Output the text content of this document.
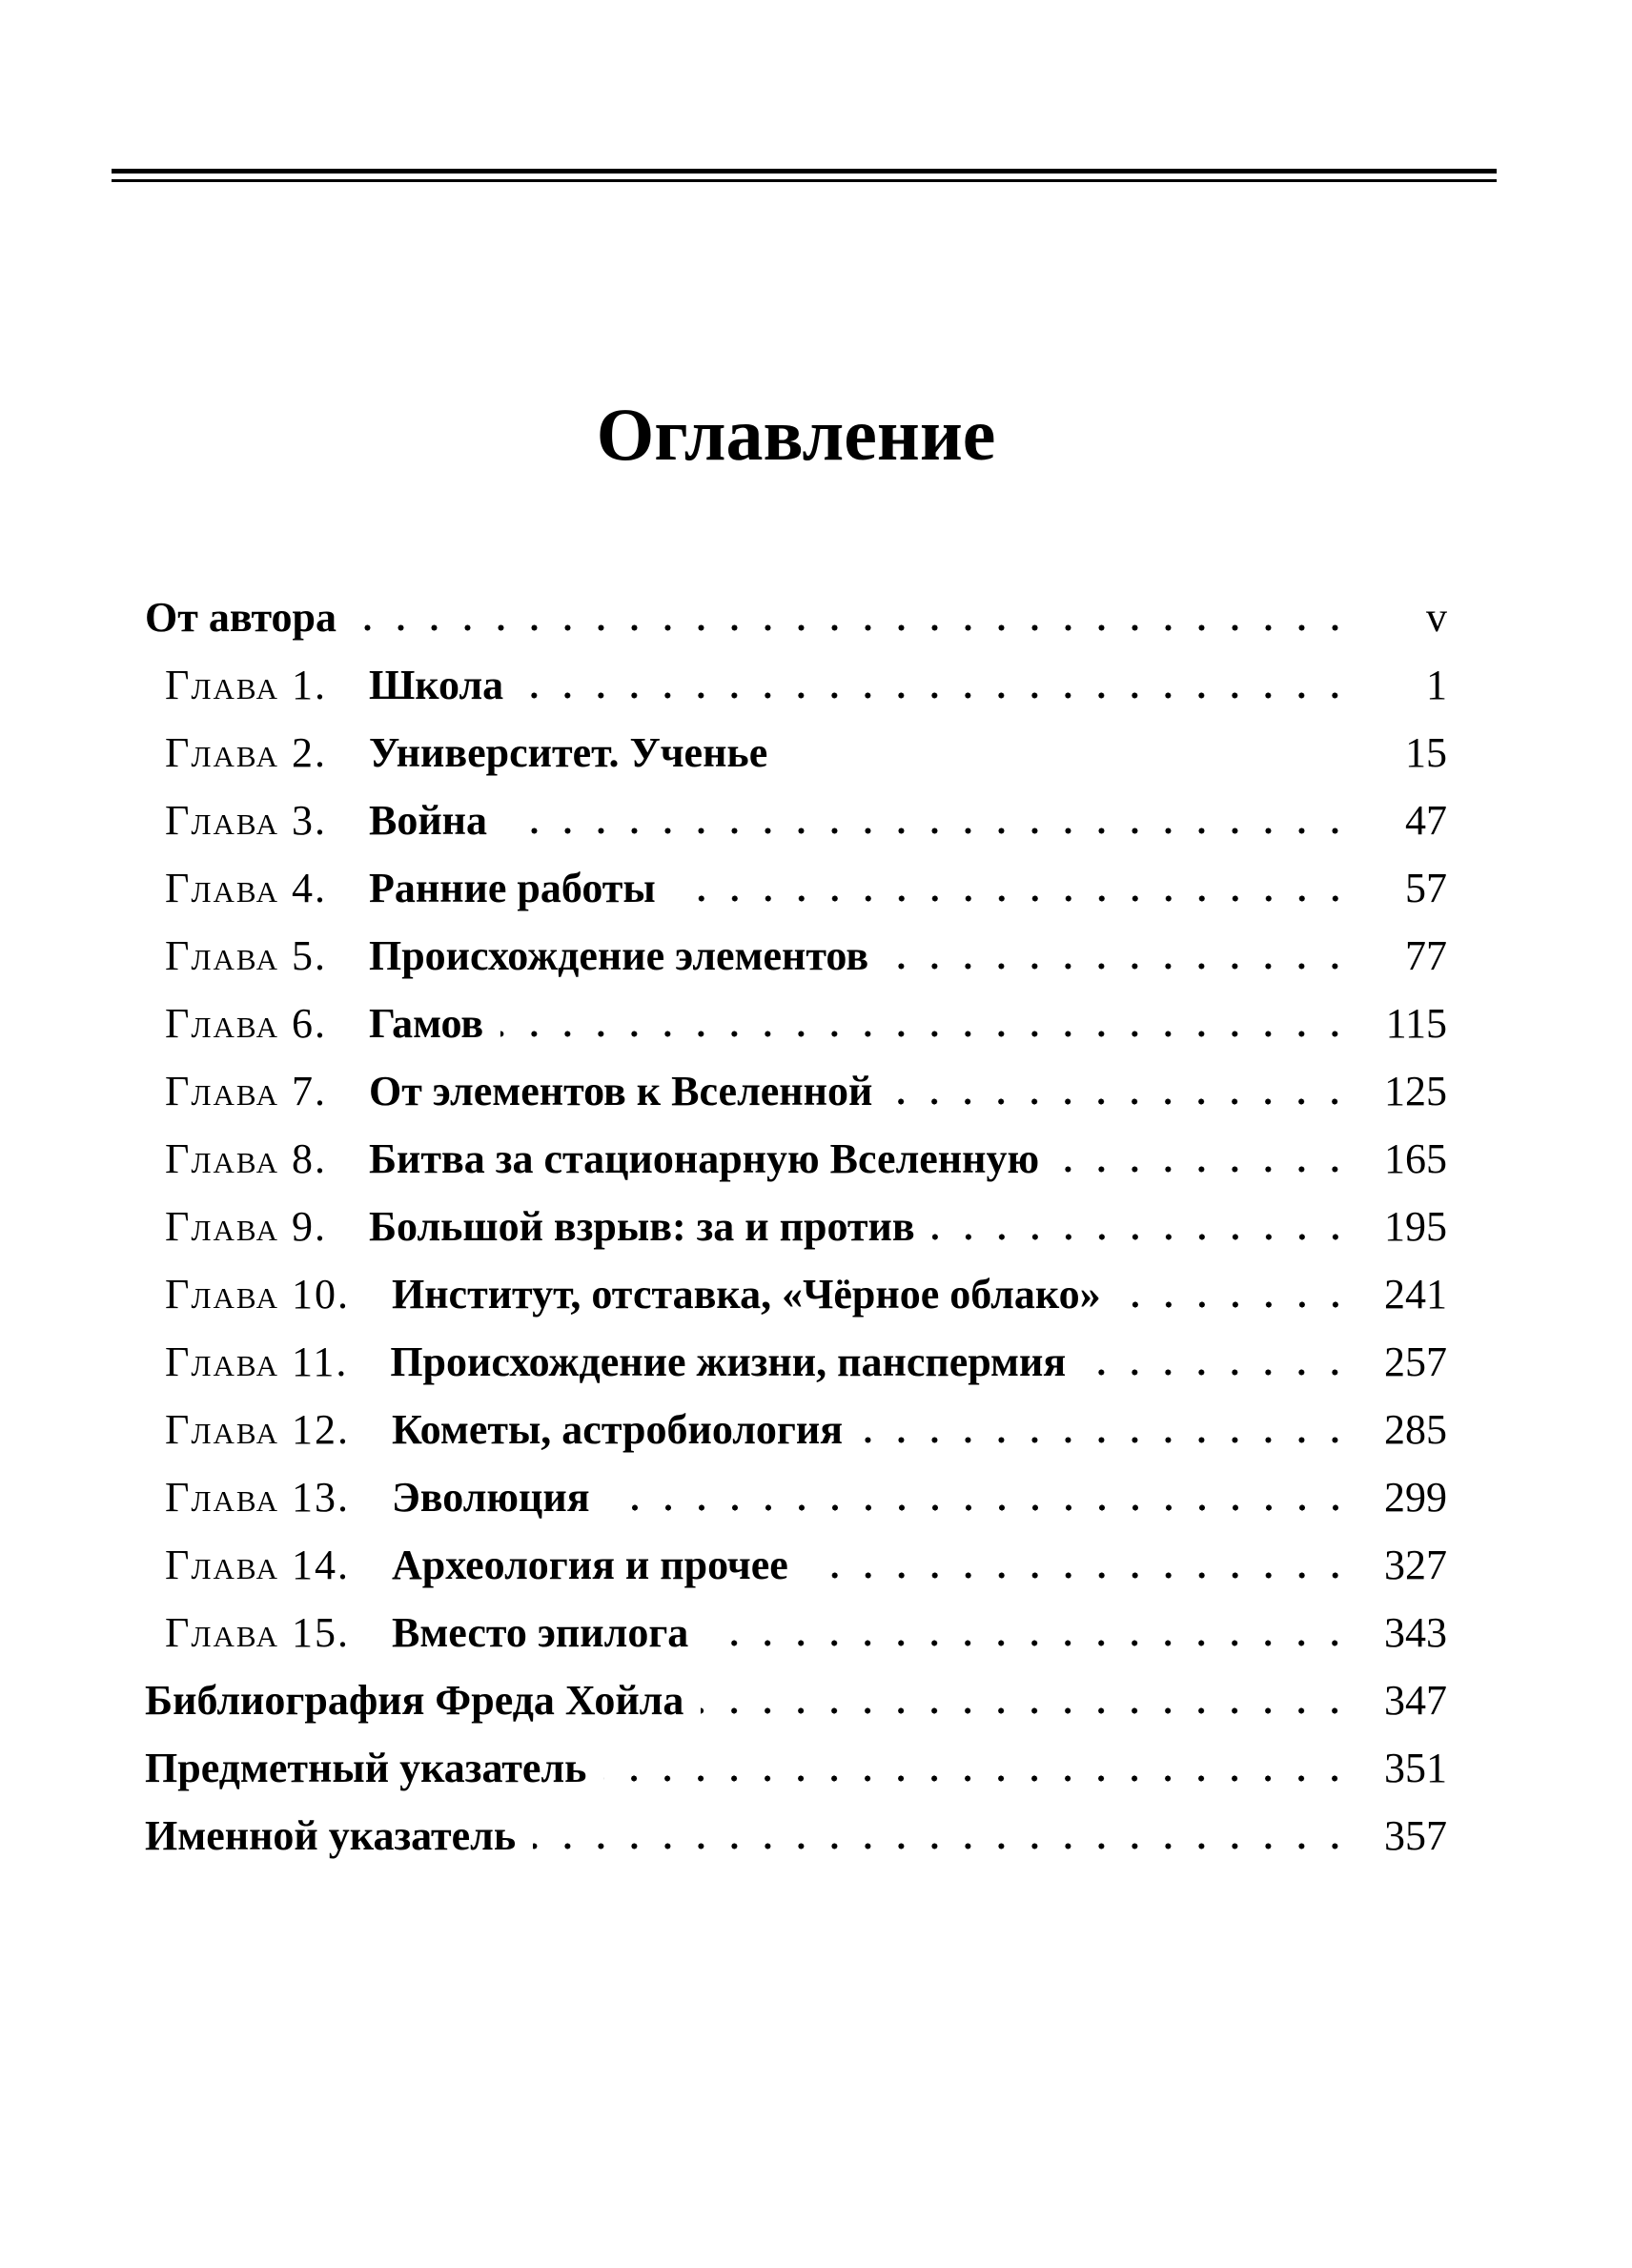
Оглавление
От автора	v
Глава 1. Школа	1
Глава 2. Университет. Ученье	15
Глава 3. Война	47
Глава 4. Ранние работы	57
Глава 5. Происхождение элементов	77
Глава 6. Гамов	115
Глава 7. От элементов к Вселенной	125
Глава 8. Битва за стационарную Вселенную	165
Глава 9. Большой взрыв: за и против	195
Глава 10. Институт, отставка, «Чёрное облако»	241
Глава 11. Происхождение жизни, панспермия	257
Глава 12. Кометы, астробиология	285
Глава 13. Эволюция	299
Глава 14. Археология и прочее	327
Глава 15. Вместо эпилога	343
Библиография Фреда Хойла	347
Предметный указатель	351
Именной указатель	357
